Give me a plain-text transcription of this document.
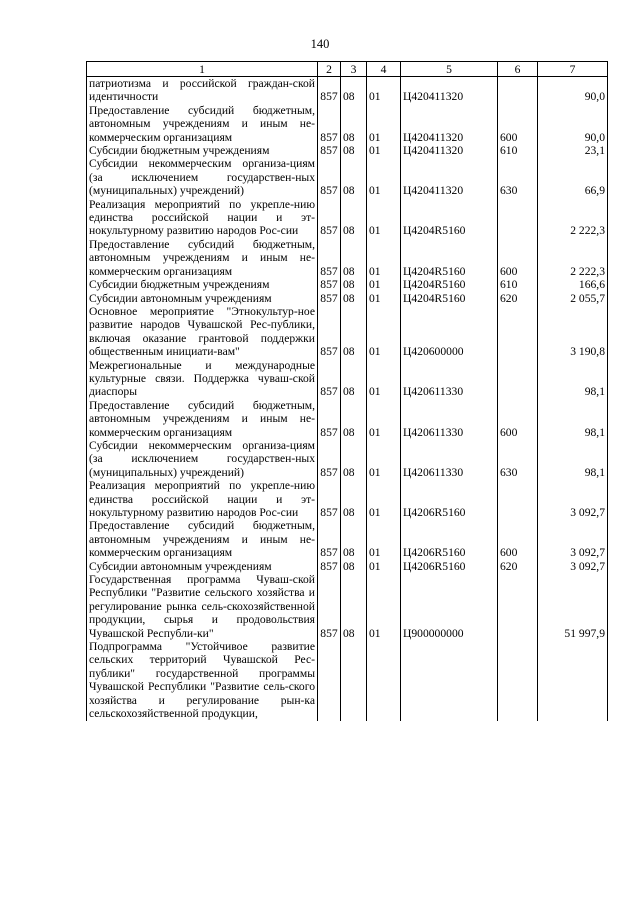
140
1	2	3	4	5	6	7
патриотизма и российской граждан-ской идентичности	857	08	01	Ц420411320		90,0
Предоставление субсидий бюджетным, автономным учреждениям и иным не-коммерческим организациям	857	08	01	Ц420411320	600	90,0
Субсидии бюджетным учреждениям	857	08	01	Ц420411320	610	23,1
Субсидии некоммерческим организа-циям (за исключением государствен-ных (муниципальных) учреждений)	857	08	01	Ц420411320	630	66,9
Реализация мероприятий по укрепле-нию единства российской нации и эт-нокультурному развитию народов Рос-сии	857	08	01	Ц4204R5160		2 222,3
Предоставление субсидий бюджетным, автономным учреждениям и иным не-коммерческим организациям	857	08	01	Ц4204R5160	600	2 222,3
Субсидии бюджетным учреждениям	857	08	01	Ц4204R5160	610	166,6
Субсидии автономным учреждениям	857	08	01	Ц4204R5160	620	2 055,7
Основное мероприятие "Этнокультур-ное развитие народов Чувашской Рес-публики, включая оказание грантовой поддержки общественным инициати-вам"	857	08	01	Ц420600000		3 190,8
Межрегиональные и международные культурные связи. Поддержка чуваш-ской диаспоры	857	08	01	Ц420611330		98,1
Предоставление субсидий бюджетным, автономным учреждениям и иным не-коммерческим организациям	857	08	01	Ц420611330	600	98,1
Субсидии некоммерческим организа-циям (за исключением государствен-ных (муниципальных) учреждений)	857	08	01	Ц420611330	630	98,1
Реализация мероприятий по укрепле-нию единства российской нации и эт-нокультурному развитию народов Рос-сии	857	08	01	Ц4206R5160		3 092,7
Предоставление субсидий бюджетным, автономным учреждениям и иным не-коммерческим организациям	857	08	01	Ц4206R5160	600	3 092,7
Субсидии автономным учреждениям	857	08	01	Ц4206R5160	620	3 092,7
Государственная программа Чуваш-ской Республики "Развитие сельского хозяйства и регулирование рынка сель-скохозяйственной продукции, сырья и продовольствия Чувашской Республи-ки"	857	08	01	Ц900000000		51 997,9
Подпрограмма "Устойчивое развитие сельских территорий Чувашской Рес-публики" государственной программы Чувашской Республики "Развитие сель-ского хозяйства и регулирование рын-ка сельскохозяйственной продукции,						
